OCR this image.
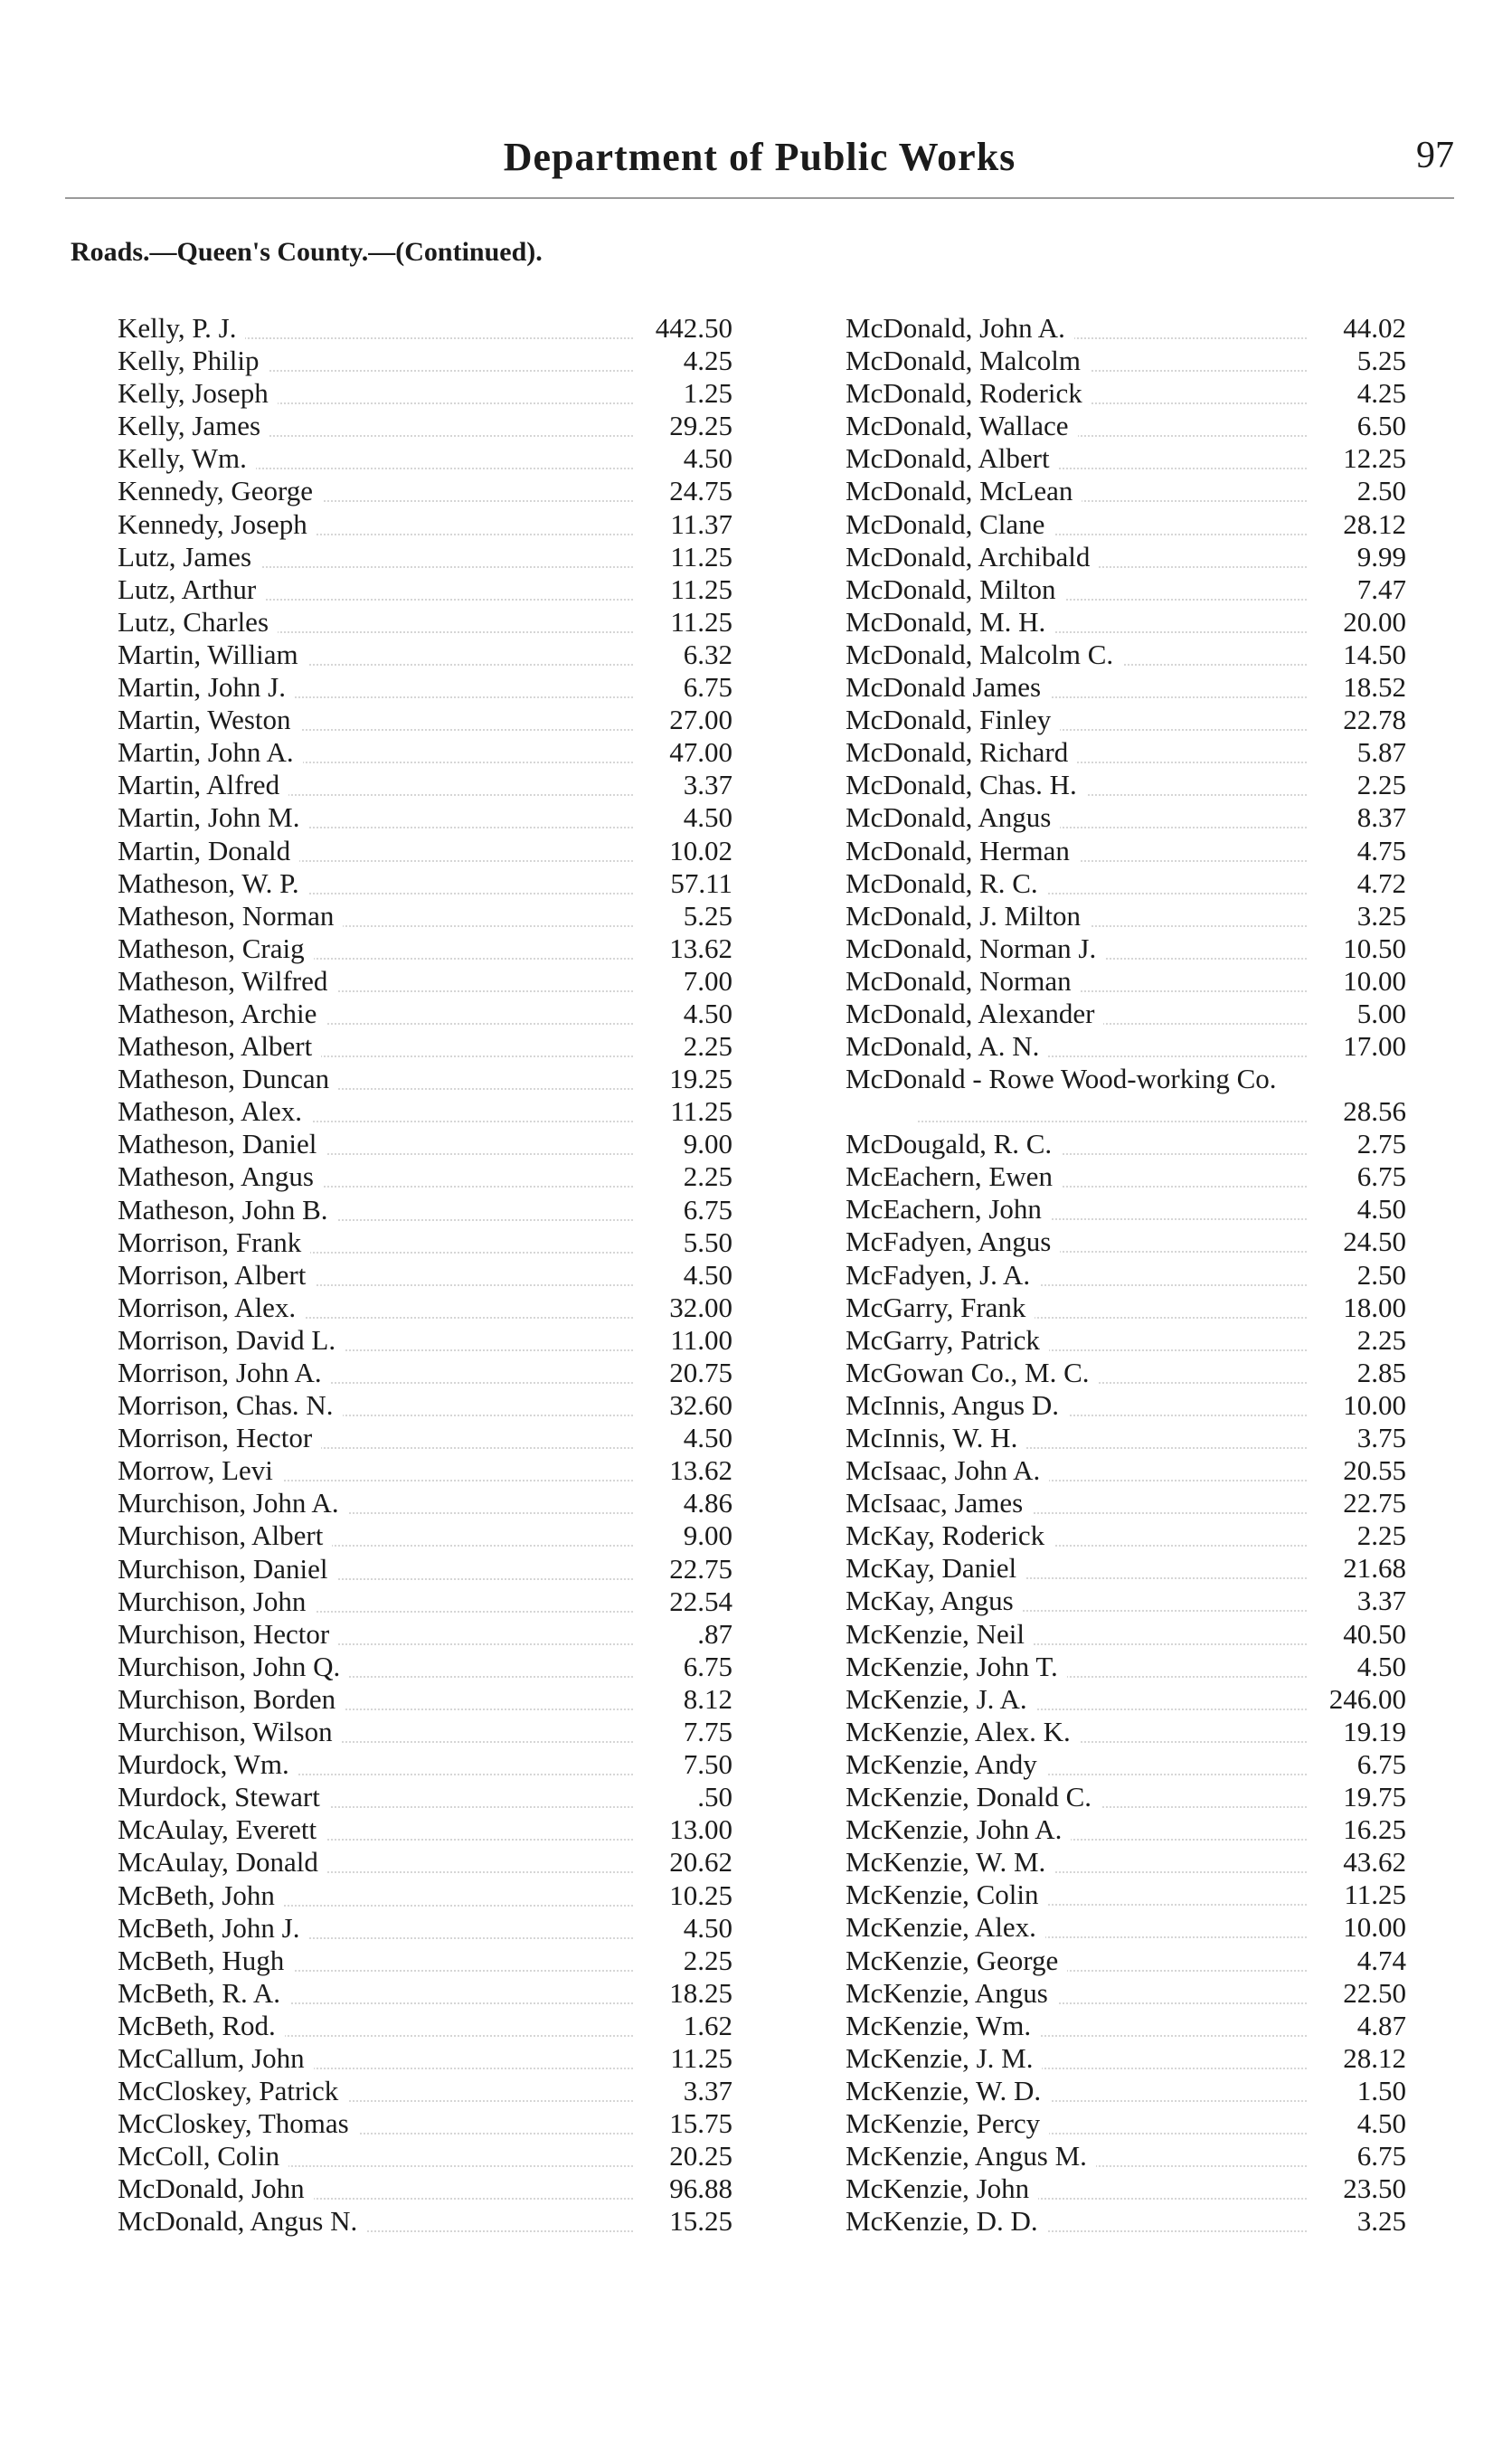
Department of Public Works	97
Roads.—Queen's County.—(Continued).
Kelly, P. J.	442.50
Kelly, Philip	4.25
Kelly, Joseph	1.25
Kelly, James	29.25
Kelly, Wm.	4.50
Kennedy, George	24.75
Kennedy, Joseph	11.37
Lutz, James	11.25
Lutz, Arthur	11.25
Lutz, Charles	11.25
Martin, William	6.32
Martin, John J.	6.75
Martin, Weston	27.00
Martin, John A.	47.00
Martin, Alfred	3.37
Martin, John M.	4.50
Martin, Donald	10.02
Matheson, W. P.	57.11
Matheson, Norman	5.25
Matheson, Craig	13.62
Matheson, Wilfred	7.00
Matheson, Archie	4.50
Matheson, Albert	2.25
Matheson, Duncan	19.25
Matheson, Alex.	11.25
Matheson, Daniel	9.00
Matheson, Angus	2.25
Matheson, John B.	6.75
Morrison, Frank	5.50
Morrison, Albert	4.50
Morrison, Alex.	32.00
Morrison, David L.	11.00
Morrison, John A.	20.75
Morrison, Chas. N.	32.60
Morrison, Hector	4.50
Morrow, Levi	13.62
Murchison, John A.	4.86
Murchison, Albert	9.00
Murchison, Daniel	22.75
Murchison, John	22.54
Murchison, Hector	.87
Murchison, John Q.	6.75
Murchison, Borden	8.12
Murchison, Wilson	7.75
Murdock, Wm.	7.50
Murdock, Stewart	.50
McAulay, Everett	13.00
McAulay, Donald	20.62
McBeth, John	10.25
McBeth, John J.	4.50
McBeth, Hugh	2.25
McBeth, R. A.	18.25
McBeth, Rod.	1.62
McCallum, John	11.25
McCloskey, Patrick	3.37
McCloskey, Thomas	15.75
McColl, Colin	20.25
McDonald, John	96.88
McDonald, Angus N.	15.25
McDonald, John A.	44.02
McDonald, Malcolm	5.25
McDonald, Roderick	4.25
McDonald, Wallace	6.50
McDonald, Albert	12.25
McDonald, McLean	2.50
McDonald, Clane	28.12
McDonald, Archibald	9.99
McDonald, Milton	7.47
McDonald, M. H.	20.00
McDonald, Malcolm C.	14.50
McDonald James	18.52
McDonald, Finley	22.78
McDonald, Richard	5.87
McDonald, Chas. H.	2.25
McDonald, Angus	8.37
McDonald, Herman	4.75
McDonald, R. C.	4.72
McDonald, J. Milton	3.25
McDonald, Norman J.	10.50
McDonald, Norman	10.00
McDonald, Alexander	5.00
McDonald, A. N.	17.00
McDonald - Rowe Wood-working Co.
28.56
McDougald, R. C.	2.75
McEachern, Ewen	6.75
McEachern, John	4.50
McFadyen, Angus	24.50
McFadyen, J. A.	2.50
McGarry, Frank	18.00
McGarry, Patrick	2.25
McGowan Co., M. C.	2.85
McInnis, Angus D.	10.00
McInnis, W. H.	3.75
McIsaac, John A.	20.55
McIsaac, James	22.75
McKay, Roderick	2.25
McKay, Daniel	21.68
McKay, Angus	3.37
McKenzie, Neil	40.50
McKenzie, John T.	4.50
McKenzie, J. A.	246.00
McKenzie, Alex. K.	19.19
McKenzie, Andy	6.75
McKenzie, Donald C.	19.75
McKenzie, John A.	16.25
McKenzie, W. M.	43.62
McKenzie, Colin	11.25
McKenzie, Alex.	10.00
McKenzie, George	4.74
McKenzie, Angus	22.50
McKenzie, Wm.	4.87
McKenzie, J. M.	28.12
McKenzie, W. D.	1.50
McKenzie, Percy	4.50
McKenzie, Angus M.	6.75
McKenzie, John	23.50
McKenzie, D. D.	3.25
